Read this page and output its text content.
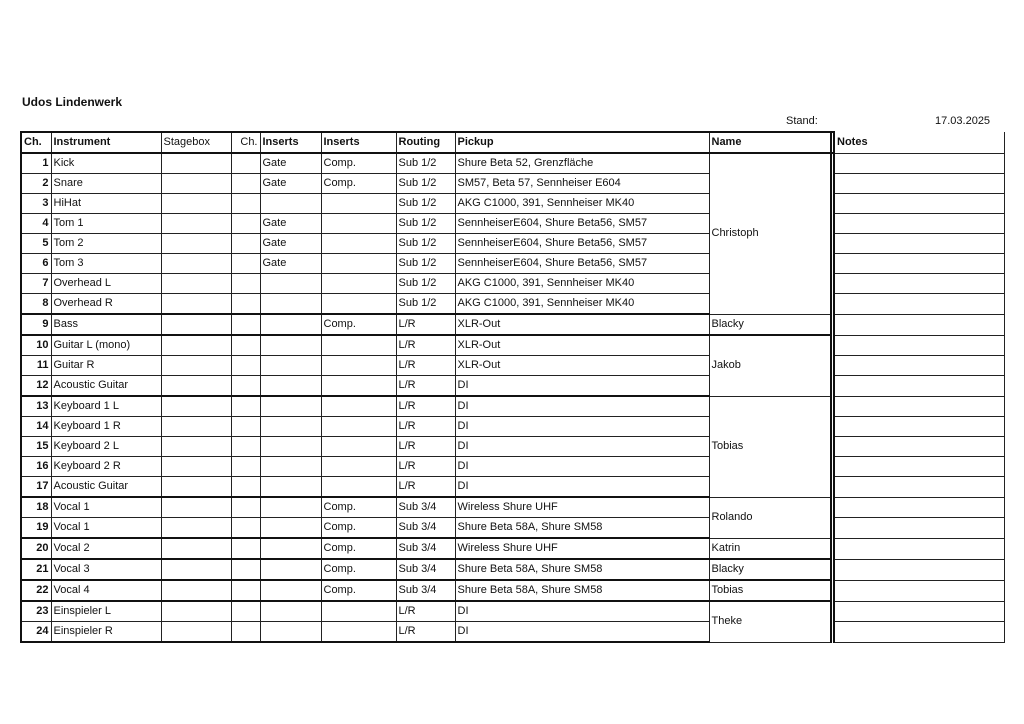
Udos Lindenwerk
Stand:	17.03.2025
Ch.	Instrument	Stagebox	Ch.	Inserts	Inserts	Routing	Pickup	Name		Notes
1	Kick			Gate	Comp.	Sub 1/2	Shure Beta 52, Grenzfläche	Christoph		
2	Snare			Gate	Comp.	Sub 1/2	SM57, Beta 57, Sennheiser E604			
3	HiHat					Sub 1/2	AKG C1000, 391, Sennheiser MK40			
4	Tom 1			Gate		Sub 1/2	SennheiserE604, Shure Beta56, SM57			
5	Tom 2			Gate		Sub 1/2	SennheiserE604, Shure Beta56, SM57			
6	Tom 3			Gate		Sub 1/2	SennheiserE604, Shure Beta56, SM57			
7	Overhead L					Sub 1/2	AKG C1000, 391, Sennheiser MK40			
8	Overhead R					Sub 1/2	AKG C1000, 391, Sennheiser MK40			
9	Bass				Comp.	L/R	XLR-Out	Blacky		
10	Guitar L (mono)					L/R	XLR-Out	Jakob		
11	Guitar R					L/R	XLR-Out			
12	Acoustic Guitar					L/R	DI			
13	Keyboard 1 L					L/R	DI	Tobias		
14	Keyboard 1 R					L/R	DI			
15	Keyboard 2 L					L/R	DI			
16	Keyboard 2 R					L/R	DI			
17	Acoustic Guitar					L/R	DI			
18	Vocal 1				Comp.	Sub 3/4	Wireless Shure UHF	Rolando		
19	Vocal 1				Comp.	Sub 3/4	Shure Beta 58A, Shure SM58			
20	Vocal 2				Comp.	Sub 3/4	Wireless Shure UHF	Katrin		
21	Vocal 3				Comp.	Sub 3/4	Shure Beta 58A, Shure SM58	Blacky		
22	Vocal 4				Comp.	Sub 3/4	Shure Beta 58A, Shure SM58	Tobias		
23	Einspieler L					L/R	DI	Theke		
24	Einspieler R					L/R	DI			
